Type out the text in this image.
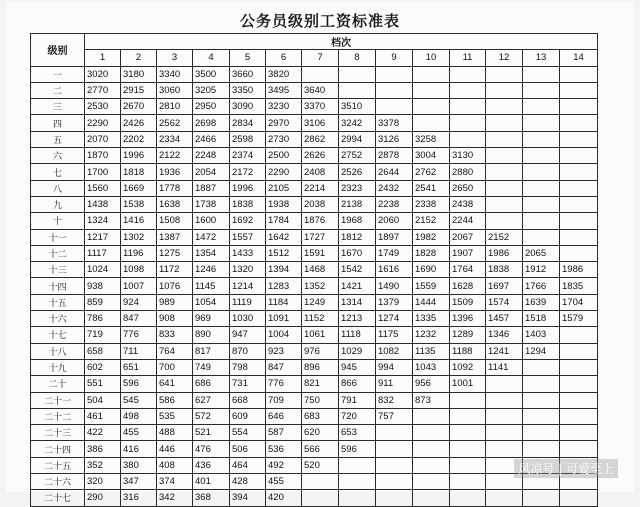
公务员级别工资标准表
级别	档次													
	1	2	3	4	5	6	7	8	9	10	11	12	13	14
一	3020	3180	3340	3500	3660	3820								
二	2770	2915	3060	3205	3350	3495	3640							
三	2530	2670	2810	2950	3090	3230	3370	3510						
四	2290	2426	2562	2698	2834	2970	3106	3242	3378					
五	2070	2202	2334	2466	2598	2730	2862	2994	3126	3258				
六	1870	1996	2122	2248	2374	2500	2626	2752	2878	3004	3130			
七	1700	1818	1936	2054	2172	2290	2408	2526	2644	2762	2880			
八	1560	1669	1778	1887	1996	2105	2214	2323	2432	2541	2650			
九	1438	1538	1638	1738	1838	1938	2038	2138	2238	2338	2438			
十	1324	1416	1508	1600	1692	1784	1876	1968	2060	2152	2244			
十一	1217	1302	1387	1472	1557	1642	1727	1812	1897	1982	2067	2152		
十二	1117	1196	1275	1354	1433	1512	1591	1670	1749	1828	1907	1986	2065	
十三	1024	1098	1172	1246	1320	1394	1468	1542	1616	1690	1764	1838	1912	1986
十四	938	1007	1076	1145	1214	1283	1352	1421	1490	1559	1628	1697	1766	1835
十五	859	924	989	1054	1119	1184	1249	1314	1379	1444	1509	1574	1639	1704
十六	786	847	908	969	1030	1091	1152	1213	1274	1335	1396	1457	1518	1579
十七	719	776	833	890	947	1004	1061	1118	1175	1232	1289	1346	1403	
十八	658	711	764	817	870	923	976	1029	1082	1135	1188	1241	1294	
十九	602	651	700	749	798	847	896	945	994	1043	1092	1141		
二十	551	596	641	686	731	776	821	866	911	956	1001			
二十一	504	545	586	627	668	709	750	791	832	873				
二十二	461	498	535	572	609	646	683	720	757					
二十三	422	455	488	521	554	587	620	653						
二十四	386	416	446	476	506	536	566	596						
二十五	352	380	408	436	464	492	520							
二十六	320	347	374	401	428	455								
二十七	290	316	342	368	394	420								
风凉号 | 可爱至上
